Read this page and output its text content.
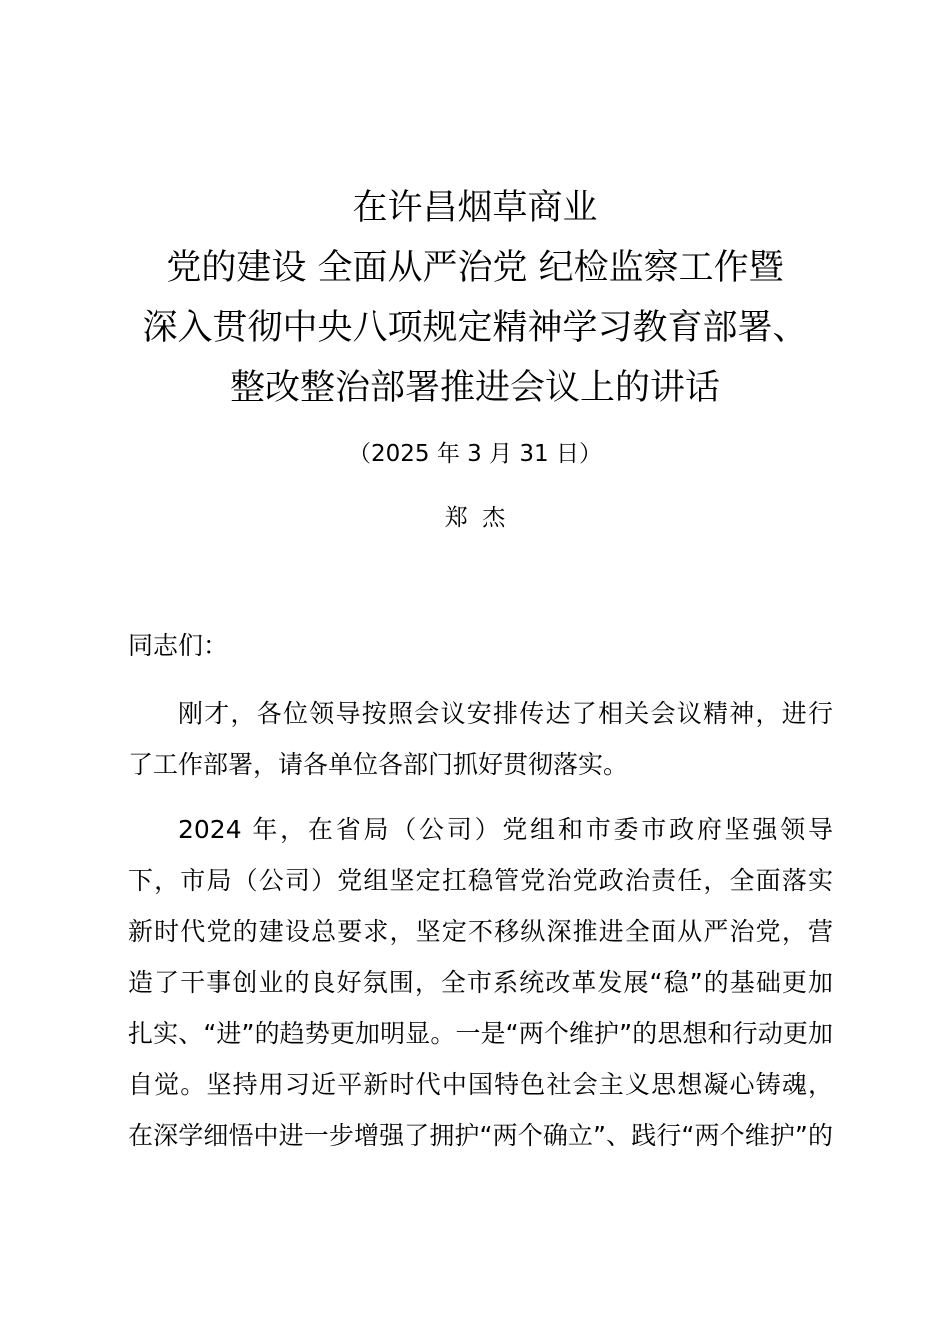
在许昌烟草商业
党的建设 全面从严治党 纪检监察工作暨
深入贯彻中央八项规定精神学习教育部署、
整改整治部署推进会议上的讲话
（2025 年 3 月 31 日）
郑  杰
同志们：
刚才，各位领导按照会议安排传达了相关会议精神，进行
了工作部署，请各单位各部门抓好贯彻落实。
2024 年，在省局（公司）党组和市委市政府坚强领导
下，市局（公司）党组坚定扛稳管党治党政治责任，全面落实
新时代党的建设总要求，坚定不移纵深推进全面从严治党，营
造了干事创业的良好氛围，全市系统改革发展“稳”的基础更加
扎实、“进”的趋势更加明显。一是“两个维护”的思想和行动更加
自觉。坚持用习近平新时代中国特色社会主义思想凝心铸魂，
在深学细悟中进一步增强了拥护“两个确立”、践行“两个维护”的
